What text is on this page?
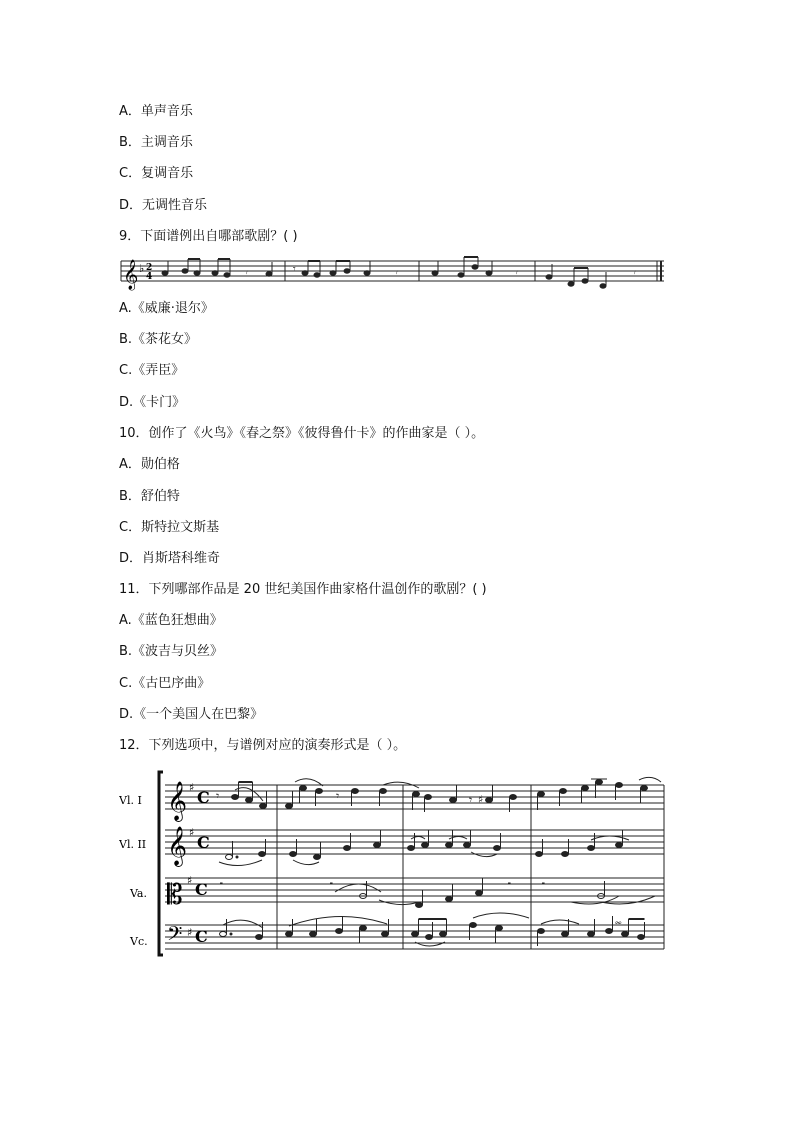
A．单声音乐
B．主调音乐
C．复调音乐
D．无调性音乐
9．下面谱例出自哪部歌剧？( )
𝄞 ♭ 2
4	𝄾	𝄾	𝄾	𝄾	𝄾
A.《威廉·退尔》
B.《茶花女》
C.《弄臣》
D.《卡门》
10．创作了《火鸟》《春之祭》《彼得鲁什卡》的作曲家是（ ）。
A．勋伯格
B．舒伯特
C．斯特拉文斯基
D．肖斯塔科维奇
11．下列哪部作品是 20 世纪美国作曲家格什温创作的歌剧？( )
A.《蓝色狂想曲》
B.《波吉与贝丝》
C.《古巴序曲》
D.《一个美国人在巴黎》
12．下列选项中，与谱例对应的演奏形式是（ ）。
Vl. I
Vl. II
Va.
Vc.
𝄞
𝄞
𝄡
𝄢
♯
♯
♯
♯
C
C
C
C
𝄾	𝄾	𝄾 ♯
𝄼	𝄼	𝄼 𝄼
𝆗
